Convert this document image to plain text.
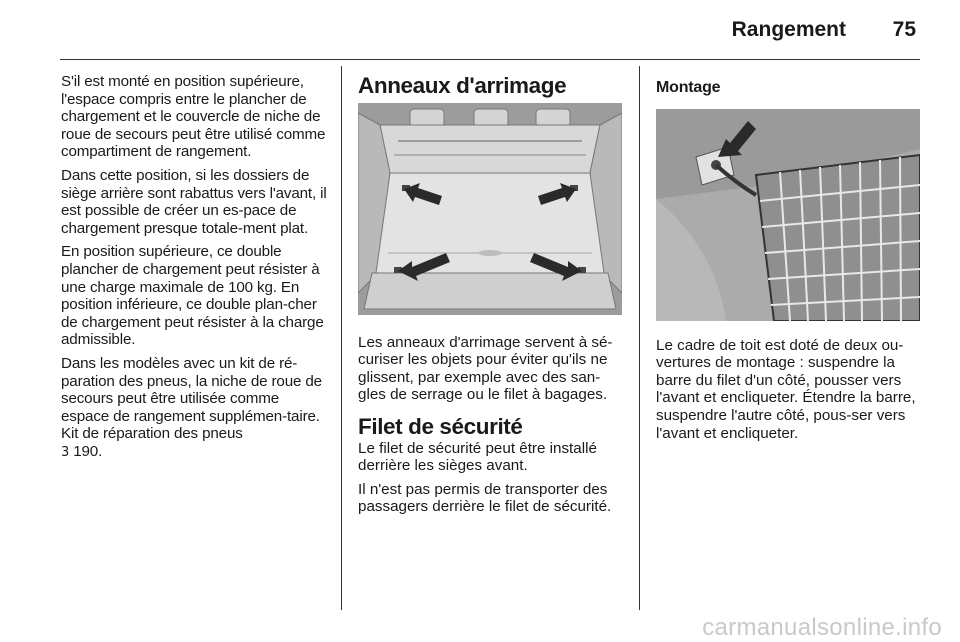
Rangement 75

S'il est monté en position supérieure, l'espace compris entre le plancher de chargement et le couvercle de niche de roue de secours peut être utilisé comme compartiment de rangement.

Dans cette position, si les dossiers de siège arrière sont rabattus vers l'avant, il est possible de créer un es-pace de chargement presque totale-ment plat.

En position supérieure, ce double plancher de chargement peut résister à une charge maximale de 100 kg. En position inférieure, ce double plan-cher de chargement peut résister à la charge admissible.

Dans les modèles avec un kit de ré-paration des pneus, la niche de roue de secours peut être utilisée comme espace de rangement supplémen-taire. Kit de réparation des pneus
3 190.

Anneaux d'arrimage

Les anneaux d'arrimage servent à sé-curiser les objets pour éviter qu'ils ne glissent, par exemple avec des san-gles de serrage ou le filet à bagages.

Filet de sécurité

Le filet de sécurité peut être installé derrière les sièges avant.

Il n'est pas permis de transporter des passagers derrière le filet de sécurité.

Montage

Le cadre de toit est doté de deux ou-vertures de montage : suspendre la barre du filet d'un côté, pousser vers l'avant et encliqueter. Étendre la barre, suspendre l'autre côté, pous-ser vers l'avant et encliqueter.

carmanualsonline.info
